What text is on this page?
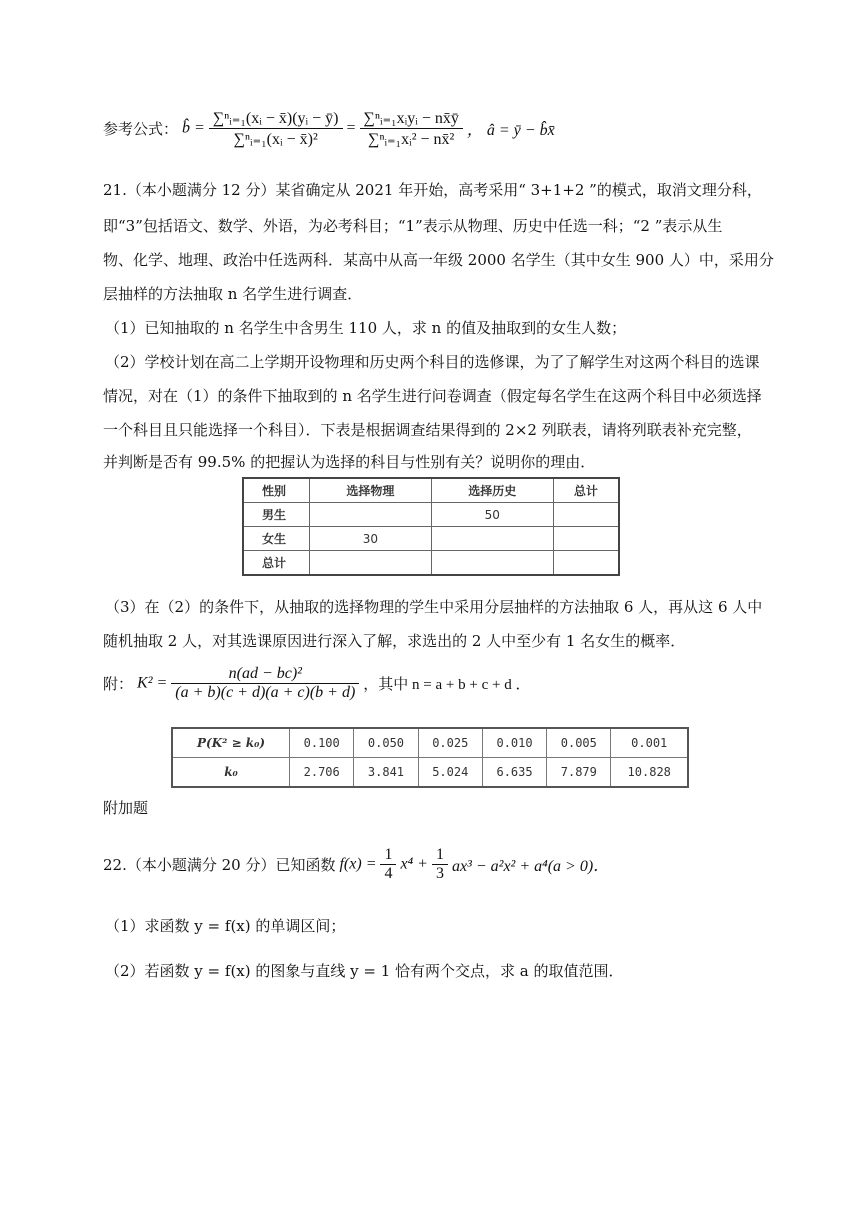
参考公式： b̂ = $\frac{\text{∑ⁿᵢ₌₁(xᵢ − x̄)(yᵢ − ȳ)}}{\text{∑ⁿᵢ₌₁(xᵢ − x̄)²}} = \frac{\text{∑ⁿᵢ₌₁xᵢyᵢ − nx̄ȳ}}{\text{∑ⁿᵢ₌₁xᵢ² − nx̄²}}$ ， â = ȳ − b̂x̄
21.（本小题满分 12 分）某省确定从 2021 年开始，高考采用“ 3+1+2 ”的模式，取消文理分科，
即“3”包括语文、数学、外语，为必考科目；“1”表示从物理、历史中任选一科；“2 ”表示从生
物、化学、地理、政治中任选两科．某高中从高一年级 2000 名学生（其中女生 900 人）中，采用分
层抽样的方法抽取 n 名学生进行调查．
（1）已知抽取的 n 名学生中含男生 110 人，求 n 的值及抽取到的女生人数；
（2）学校计划在高二上学期开设物理和历史两个科目的选修课，为了了解学生对这两个科目的选课
情况，对在（1）的条件下抽取到的 n 名学生进行问卷调查（假定每名学生在这两个科目中必须选择
一个科目且只能选择一个科目）．下表是根据调查结果得到的 2×2 列联表，请将列联表补充完整，
并判断是否有 99.5% 的把握认为选择的科目与性别有关？说明你的理由．
性别	选择物理	选择历史	总计
男生		50	
女生	30		
总计			
（3）在（2）的条件下，从抽取的选择物理的学生中采用分层抽样的方法抽取 6 人，再从这 6 人中
随机抽取 2 人，对其选课原因进行深入了解，求选出的 2 人中至少有 1 名女生的概率．
附： $K^2 = \frac{\text{n(ad − bc)²}}{(a + b)(c + d)(a + c)(b + d)}$ ，其中 n = a + b + c + d ．
P(K² ≥ k₀)	0.100	0.050	0.025	0.010	0.005	0.001
k₀	2.706	3.841	5.024	6.635	7.879	10.828
附加题
22.（本小题满分 20 分）已知函数 $f(x) = \frac{1}{4} x^4 + \frac{1}{3} ax^3 - a^2x^2 + a^4(a > 0)$．
（1）求函数 y = f(x) 的单调区间；
（2）若函数 y = f(x) 的图象与直线 y = 1 恰有两个交点，求 a 的取值范围．
